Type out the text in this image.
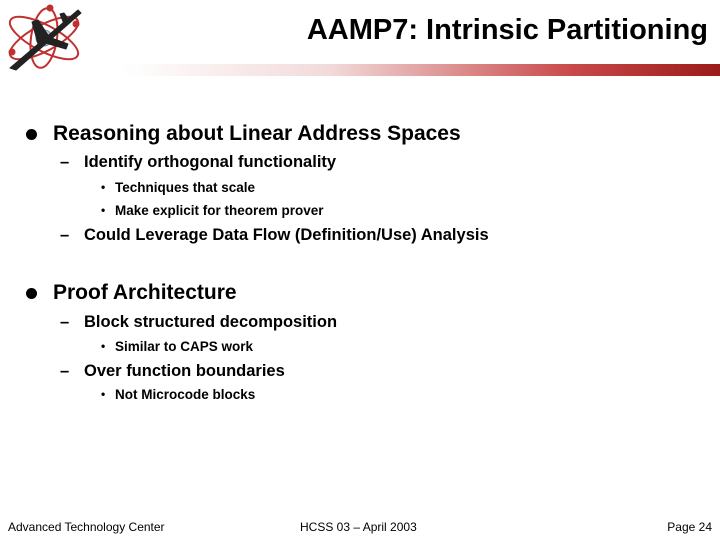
AAMP7: Intrinsic Partitioning
Reasoning about Linear Address Spaces
– Identify orthogonal functionality
• Techniques that scale
• Make explicit for theorem prover
– Could Leverage Data Flow (Definition/Use) Analysis
Proof Architecture
– Block structured decomposition
• Similar to CAPS work
– Over function boundaries
• Not Microcode blocks
Advanced Technology Center	HCSS 03 – April 2003	Page 24
